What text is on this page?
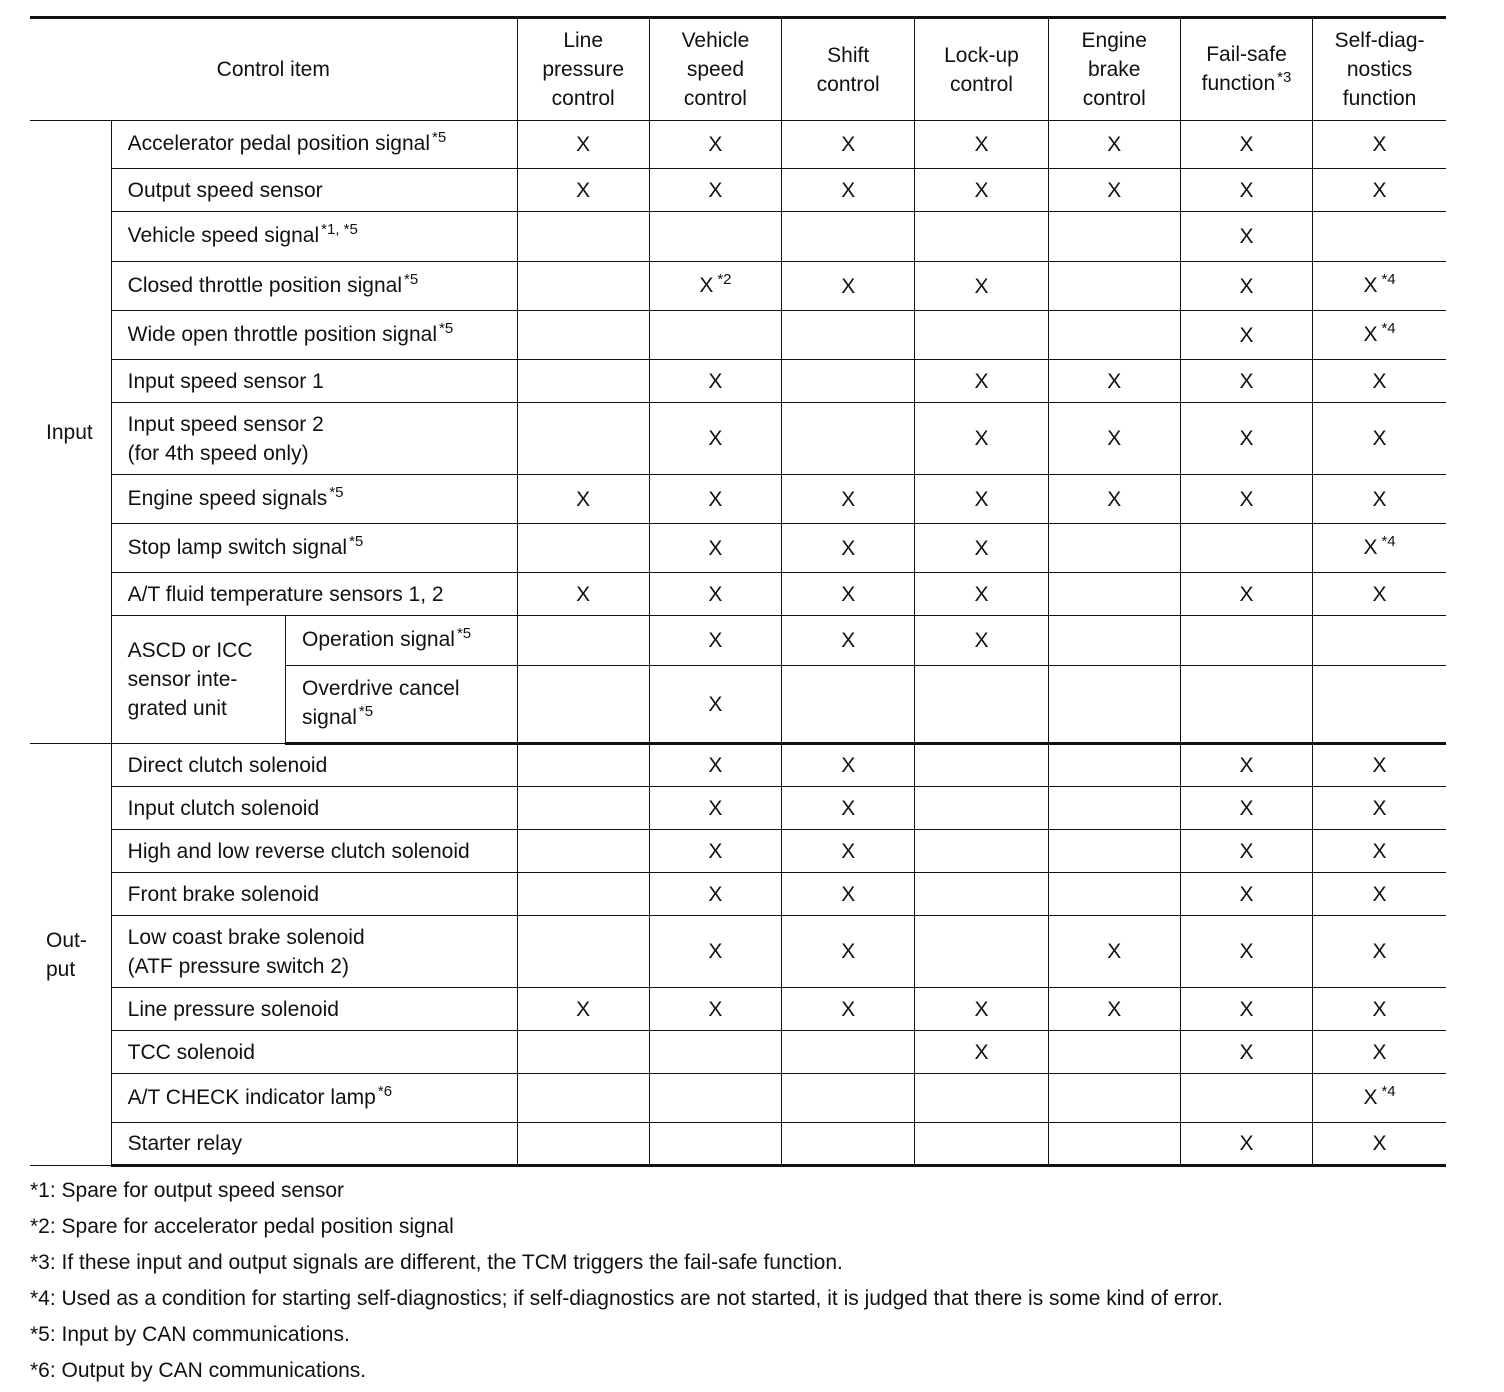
Control item			Line
pressure
control	Vehicle
speed
control	Shift
control	Lock-up
control	Engine
brake
control	Fail-safe
function $^{*3}$	Self-diag-
nostics
function
Input	Accelerator pedal position signal $^{*5}$		X	X	X	X	X	X	X
	Output speed sensor		X	X	X	X	X	X	X
	Vehicle speed signal $^{*1, *5}$							X	
	Closed throttle position signal $^{*5}$			X $^{*2}$	X	X		X	X $^{*4}$
	Wide open throttle position signal $^{*5}$							X	X $^{*4}$
	Input speed sensor 1			X		X	X	X	X
	Input speed sensor 2
(for 4th speed only)			X		X	X	X	X
	Engine speed signals $^{*5}$		X	X	X	X	X	X	X
	Stop lamp switch signal $^{*5}$			X	X	X			X $^{*4}$
	A/T fluid temperature sensors 1, 2		X	X	X	X		X	X
	ASCD or ICC
sensor inte-
grated unit	Operation signal $^{*5}$		X	X	X			
		Overdrive cancel
signal $^{*5}$		X					
Out-
put	Direct clutch solenoid			X	X			X	X
	Input clutch solenoid			X	X			X	X
	High and low reverse clutch solenoid			X	X			X	X
	Front brake solenoid			X	X			X	X
	Low coast brake solenoid
(ATF pressure switch 2)			X	X		X	X	X
	Line pressure solenoid		X	X	X	X	X	X	X
	TCC solenoid					X		X	X
	A/T CHECK indicator lamp $^{*6}$								X $^{*4}$
	Starter relay							X	X
*1: Spare for output speed sensor
*2: Spare for accelerator pedal position signal
*3: If these input and output signals are different, the TCM triggers the fail-safe function.
*4: Used as a condition for starting self-diagnostics; if self-diagnostics are not started, it is judged that there is some kind of error.
*5: Input by CAN communications.
*6: Output by CAN communications.
